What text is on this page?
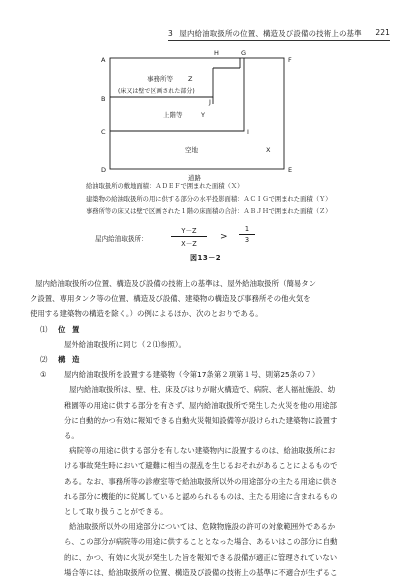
3 屋内給油取扱所の位置、構造及び設備の技術上の基準 221
A
B
C
D	E
F
G
H
I
J
事務所等 Z
(床又は壁で区画された部分)
上階等	Y
空地	X
道路
給油取扱所の敷地面積：ＡＤＥＦで囲まれた面積（Ｘ）
建築物の給油取扱所の用に供する部分の水平投影面積：ＡＣＩＧで囲まれた面積（Ｙ）
事務所等の床又は壁で区画された１階の床面積の合計：ＡＢＪＨで囲まれた面積（Ｚ）
屋内給油取扱所：
Y－Z
X－Z
>
1
3
図13－2
屋内給油取扱所の位置、構造及び設備の技術上の基準は、屋外給油取扱所（簡易タン
ク設置、専用タンク等の位置、構造及び設備、建築物の構造及び事務所その他火気を
使用する建築物の構造を除く。）の例によるほか、次のとおりである。
⑴ 位 置
屋外給油取扱所に同じ（２⑴参照）。
⑵ 構 造
① 屋内給油取扱所を設置する建築物（令第17条第２項第１号、則第25条の７）
屋内給油取扱所は、壁、柱、床及びはりが耐火構造で、病院、老人福祉施設、幼
稚園等の用途に供する部分を有さず、屋内給油取扱所で発生した火災を他の用途部
分に自動的かつ有効に報知できる自動火災報知設備等が設けられた建築物に設置す
る。
病院等の用途に供する部分を有しない建築物内に設置するのは、給油取扱所にお
ける事故発生時において避難に相当の混乱を生じるおそれがあることによるもので
ある。なお、事務所等の診療室等で給油取扱所以外の用途部分の主たる用途に供さ
れる部分に機能的に従属していると認められるものは、主たる用途に含まれるもの
として取り扱うことができる。
給油取扱所以外の用途部分については、危険物施設の許可の対象範囲外であるか
ら、この部分が病院等の用途に供することとなった場合、あるいはこの部分に自動
的に、かつ、有効に火災が発生した旨を報知できる設備が適正に管理されていない
場合等には、給油取扱所の位置、構造及び設備の技術上の基準に不適合が生ずるこ
